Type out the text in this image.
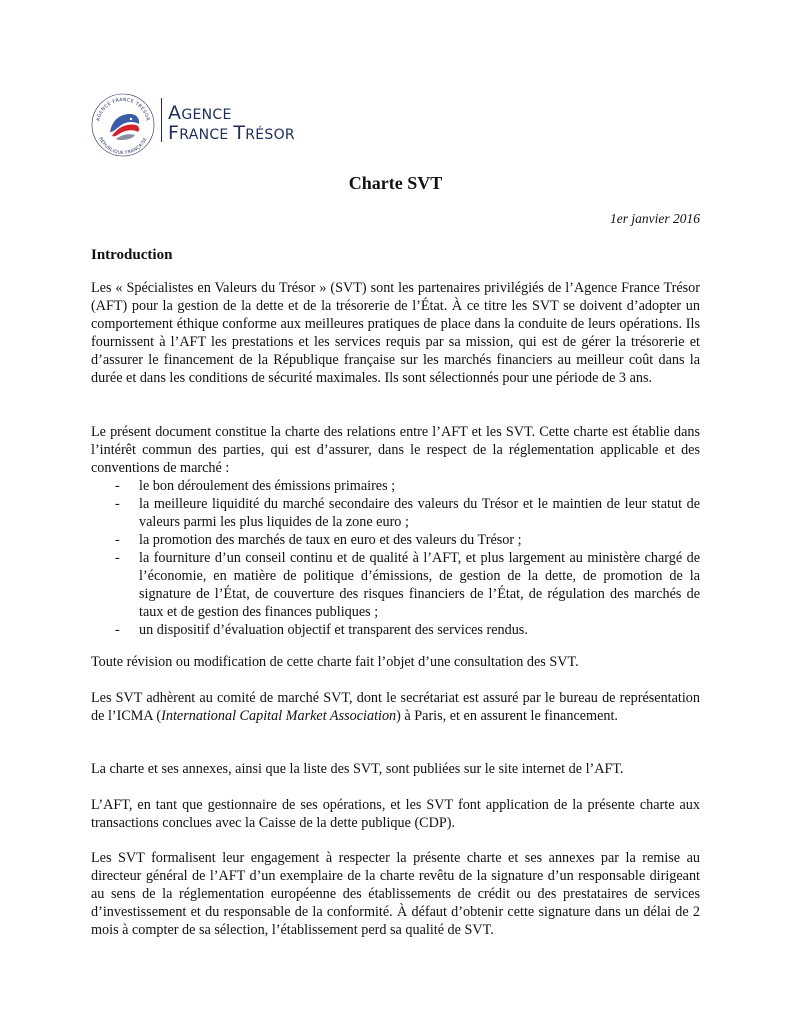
AGENCE FRANCE TRÉSOR
RÉPUBLIQUE FRANÇAISE
AGENCE
FRANCE TRÉSOR
Charte SVT
1er janvier 2016
Introduction

Les « Spécialistes en Valeurs du Trésor » (SVT) sont les partenaires privilégiés de l’Agence France Trésor (AFT) pour la gestion de la dette et de la trésorerie de l’État. À ce titre les SVT se doivent d’adopter un comportement éthique conforme aux meilleures pratiques de place dans la conduite de leurs opérations. Ils fournissent à l’AFT les prestations et les services requis par sa mission, qui est de gérer la trésorerie et d’assurer le financement de la République française sur les marchés financiers au meilleur coût dans la durée et dans les conditions de sécurité maximales. Ils sont sélectionnés pour une période de 3 ans.

Le présent document constitue la charte des relations entre l’AFT et les SVT. Cette charte est établie dans l’intérêt commun des parties, qui est d’assurer, dans le respect de la réglementation applicable et des conventions de marché :

- le bon déroulement des émissions primaires ;
- la meilleure liquidité du marché secondaire des valeurs du Trésor et le maintien de leur statut de valeurs parmi les plus liquides de la zone euro ;
- la promotion des marchés de taux en euro et des valeurs du Trésor ;
- la fourniture d’un conseil continu et de qualité à l’AFT, et plus largement au ministère chargé de l’économie, en matière de politique d’émissions, de gestion de la dette, de promotion de la signature de l’État, de couverture des risques financiers de l’État, de régulation des marchés de taux et de gestion des finances publiques ;
- un dispositif d’évaluation objectif et transparent des services rendus.

Toute révision ou modification de cette charte fait l’objet d’une consultation des SVT.

Les SVT adhèrent au comité de marché SVT, dont le secrétariat est assuré par le bureau de représentation de l’ICMA (International Capital Market Association) à Paris, et en assurent le financement.

La charte et ses annexes, ainsi que la liste des SVT, sont publiées sur le site internet de l’AFT.

L’AFT, en tant que gestionnaire de ses opérations, et les SVT font application de la présente charte aux transactions conclues avec la Caisse de la dette publique (CDP).

Les SVT formalisent leur engagement à respecter la présente charte et ses annexes par la remise au directeur général de l’AFT d’un exemplaire de la charte revêtu de la signature d’un responsable dirigeant au sens de la réglementation européenne des établissements de crédit ou des prestataires de services d’investissement et du responsable de la conformité. À défaut d’obtenir cette signature dans un délai de 2 mois à compter de sa sélection, l’établissement perd sa qualité de SVT.
